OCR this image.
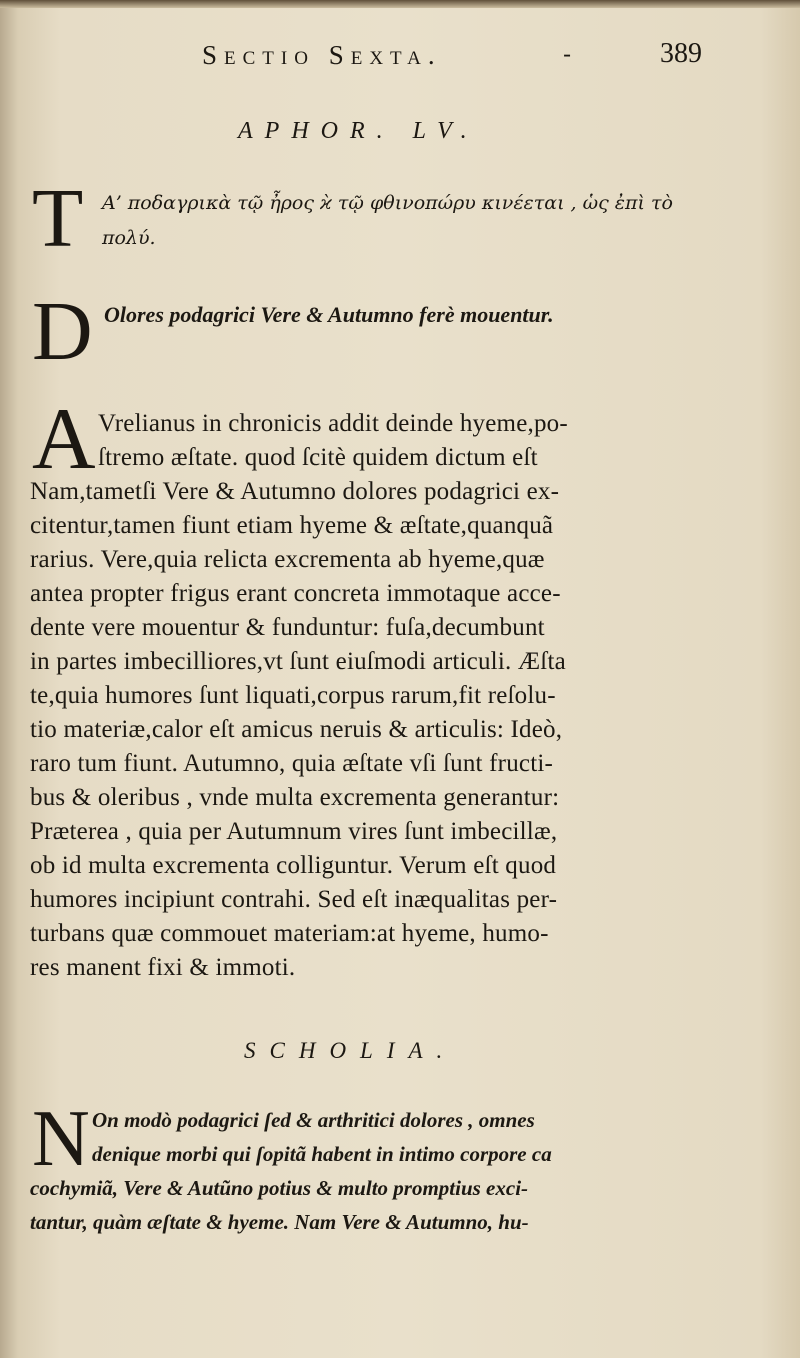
Sectio Sexta.	-	389
APHOR. LV.
T Α’ ποδαγρικὰ τῷ ἦρος ϰ̀ τῷ φθινοπώρυ κινέεται , ὡς ἐπὶ τὸ
πολύ.
D Olores podagrici Vere & Autumno ferè mouentur.
A Vrelianus in chronicis addit deinde hyeme,po-
ſtremo æſtate. quod ſcitè quidem dictum eſt
Nam,tametſi Vere & Autumno dolores podagrici ex-
citentur,tamen fiunt etiam hyeme & æſtate,quanquã
rarius. Vere,quia relicta excrementa ab hyeme,quæ
antea propter frigus erant concreta immotaque acce-
dente vere mouentur & funduntur: fuſa,decumbunt
in partes imbecilliores,vt ſunt eiuſmodi articuli. Æſta
te,quia humores ſunt liquati,corpus rarum,fit reſolu-
tio materiæ,calor eſt amicus neruis & articulis: Ideò,
raro tum fiunt. Autumno, quia æſtate vſi ſunt fructi-
bus & oleribus , vnde multa excrementa generantur:
Præterea , quia per Autumnum vires ſunt imbecillæ,
ob id multa excrementa colliguntur. Verum eſt quod
humores incipiunt contrahi. Sed eſt inæqualitas per-
turbans quæ commouet materiam:at hyeme, humo-
res manent fixi & immoti.
SCHOLIA.
N On modò podagrici ſed & arthritici dolores , omnes
denique morbi qui ſopitã habent in intimo corpore ca
cochymiã, Vere & Autũno potius & multo promptius exci-
tantur, quàm æſtate & hyeme. Nam Vere & Autumno, hu-
